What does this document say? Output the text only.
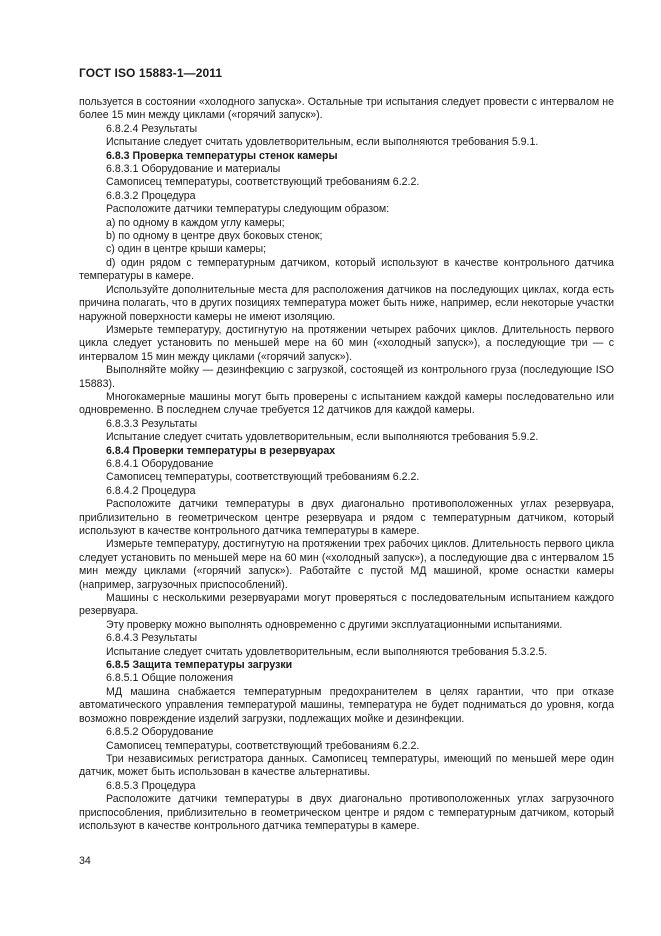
ГОСТ ISO 15883-1—2011

пользуется в состоянии «холодного запуска». Остальные три испытания следует провести с интервалом не более 15 мин между циклами («горячий запуск»).

6.8.2.4 Результаты

Испытание следует считать удовлетворительным, если выполняются требования 5.9.1.

6.8.3 Проверка температуры стенок камеры

6.8.3.1 Оборудование и материалы

Самописец температуры, соответствующий требованиям 6.2.2.

6.8.3.2 Процедура

Расположите датчики температуры следующим образом:

a) по одному в каждом углу камеры;

b) по одному в центре двух боковых стенок;

c) один в центре крыши камеры;

d) один рядом с температурным датчиком, который используют в качестве контрольного датчика температуры в камере.

Используйте дополнительные места для расположения датчиков на последующих циклах, когда есть причина полагать, что в других позициях температура может быть ниже, например, если некоторые участки наружной поверхности камеры не имеют изоляцию.

Измерьте температуру, достигнутую на протяжении четырех рабочих циклов. Длительность первого цикла следует установить по меньшей мере на 60 мин («холодный запуск»), а последующие три — с интервалом 15 мин между циклами («горячий запуск»).

Выполняйте мойку — дезинфекцию с загрузкой, состоящей из контрольного груза (последующие ISO 15883).

Многокамерные машины могут быть проверены с испытанием каждой камеры последовательно или одновременно. В последнем случае требуется 12 датчиков для каждой камеры.

6.8.3.3 Результаты

Испытание следует считать удовлетворительным, если выполняются требования 5.9.2.

6.8.4 Проверки температуры в резервуарах

6.8.4.1 Оборудование

Самописец температуры, соответствующий требованиям 6.2.2.

6.8.4.2 Процедура

Расположите датчики температуры в двух диагонально противоположенных углах резервуара, приблизительно в геометрическом центре резервуара и рядом с температурным датчиком, который используют в качестве контрольного датчика температуры в камере.

Измерьте температуру, достигнутую на протяжении трех рабочих циклов. Длительность первого цикла следует установить по меньшей мере на 60 мин («холодный запуск»), а последующие два с интервалом 15 мин между циклами («горячий запуск»). Работайте с пустой МД машиной, кроме оснастки камеры (например, загрузочных приспособлений).

Машины с несколькими резервуарами могут проверяться с последовательным испытанием каждого резервуара.

Эту проверку можно выполнять одновременно с другими эксплуатационными испытаниями.

6.8.4.3 Результаты

Испытание следует считать удовлетворительным, если выполняются требования 5.3.2.5.

6.8.5 Защита температуры загрузки

6.8.5.1 Общие положения

МД машина снабжается температурным предохранителем в целях гарантии, что при отказе автоматического управления температурой машины, температура не будет подниматься до уровня, когда возможно повреждение изделий загрузки, подлежащих мойке и дезинфекции.

6.8.5.2 Оборудование

Самописец температуры, соответствующий требованиям 6.2.2.

Три независимых регистратора данных. Самописец температуры, имеющий по меньшей мере один датчик, может быть использован в качестве альтернативы.

6.8.5.3 Процедура

Расположите датчики температуры в двух диагонально противоположенных углах загрузочного приспособления, приблизительно в геометрическом центре и рядом с температурным датчиком, который используют в качестве контрольного датчика температуры в камере.

34
